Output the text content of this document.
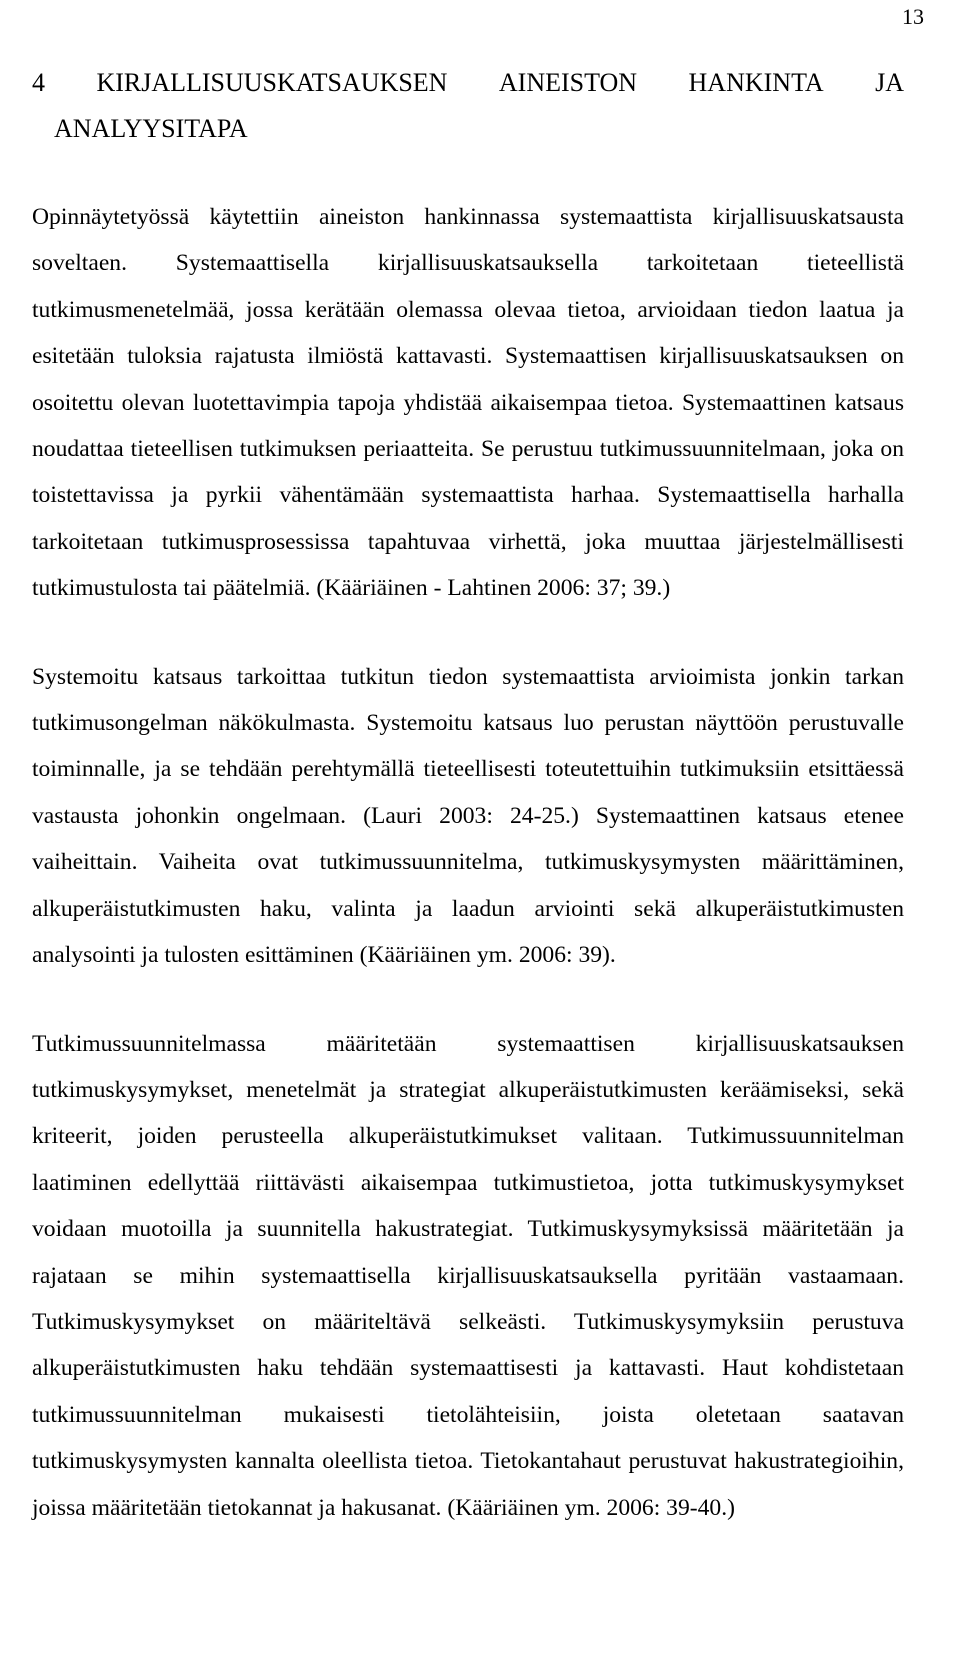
13
4 KIRJALLISUUSKATSAUKSEN AINEISTON HANKINTA JA
ANALYYSITAPA

Opinnäytetyössä käytettiin aineiston hankinnassa systemaattista kirjallisuuskatsausta soveltaen. Systemaattisella kirjallisuuskatsauksella tarkoitetaan tieteellistä tutkimusmenetelmää, jossa kerätään olemassa olevaa tietoa, arvioidaan tiedon laatua ja esitetään tuloksia rajatusta ilmiöstä kattavasti. Systemaattisen kirjallisuuskatsauksen on osoitettu olevan luotettavimpia tapoja yhdistää aikaisempaa tietoa. Systemaattinen katsaus noudattaa tieteellisen tutkimuksen periaatteita. Se perustuu tutkimussuunnitelmaan, joka on toistettavissa ja pyrkii vähentämään systemaattista harhaa. Systemaattisella harhalla tarkoitetaan tutkimusprosessissa tapahtuvaa virhettä, joka muuttaa järjestelmällisesti tutkimustulosta tai päätelmiä. (Kääriäinen - Lahtinen 2006: 37; 39.)

Systemoitu katsaus tarkoittaa tutkitun tiedon systemaattista arvioimista jonkin tarkan tutkimusongelman näkökulmasta. Systemoitu katsaus luo perustan näyttöön perustuvalle toiminnalle, ja se tehdään perehtymällä tieteellisesti toteutettuihin tutkimuksiin etsittäessä vastausta johonkin ongelmaan. (Lauri 2003: 24-25.) Systemaattinen katsaus etenee vaiheittain. Vaiheita ovat tutkimussuunnitelma, tutkimuskysymysten määrittäminen, alkuperäistutkimusten haku, valinta ja laadun arviointi sekä alkuperäistutkimusten analysointi ja tulosten esittäminen (Kääriäinen ym. 2006: 39).

Tutkimussuunnitelmassa määritetään systemaattisen kirjallisuuskatsauksen tutkimuskysymykset, menetelmät ja strategiat alkuperäistutkimusten keräämiseksi, sekä kriteerit, joiden perusteella alkuperäistutkimukset valitaan. Tutkimussuunnitelman laatiminen edellyttää riittävästi aikaisempaa tutkimustietoa, jotta tutkimuskysymykset voidaan muotoilla ja suunnitella hakustrategiat. Tutkimuskysymyksissä määritetään ja rajataan se mihin systemaattisella kirjallisuuskatsauksella pyritään vastaamaan. Tutkimuskysymykset on määriteltävä selkeästi. Tutkimuskysymyksiin perustuva alkuperäistutkimusten haku tehdään systemaattisesti ja kattavasti. Haut kohdistetaan tutkimussuunnitelman mukaisesti tietolähteisiin, joista oletetaan saatavan tutkimuskysymysten kannalta oleellista tietoa. Tietokantahaut perustuvat hakustrategioihin, joissa määritetään tietokannat ja hakusanat. (Kääriäinen ym. 2006: 39-40.)
